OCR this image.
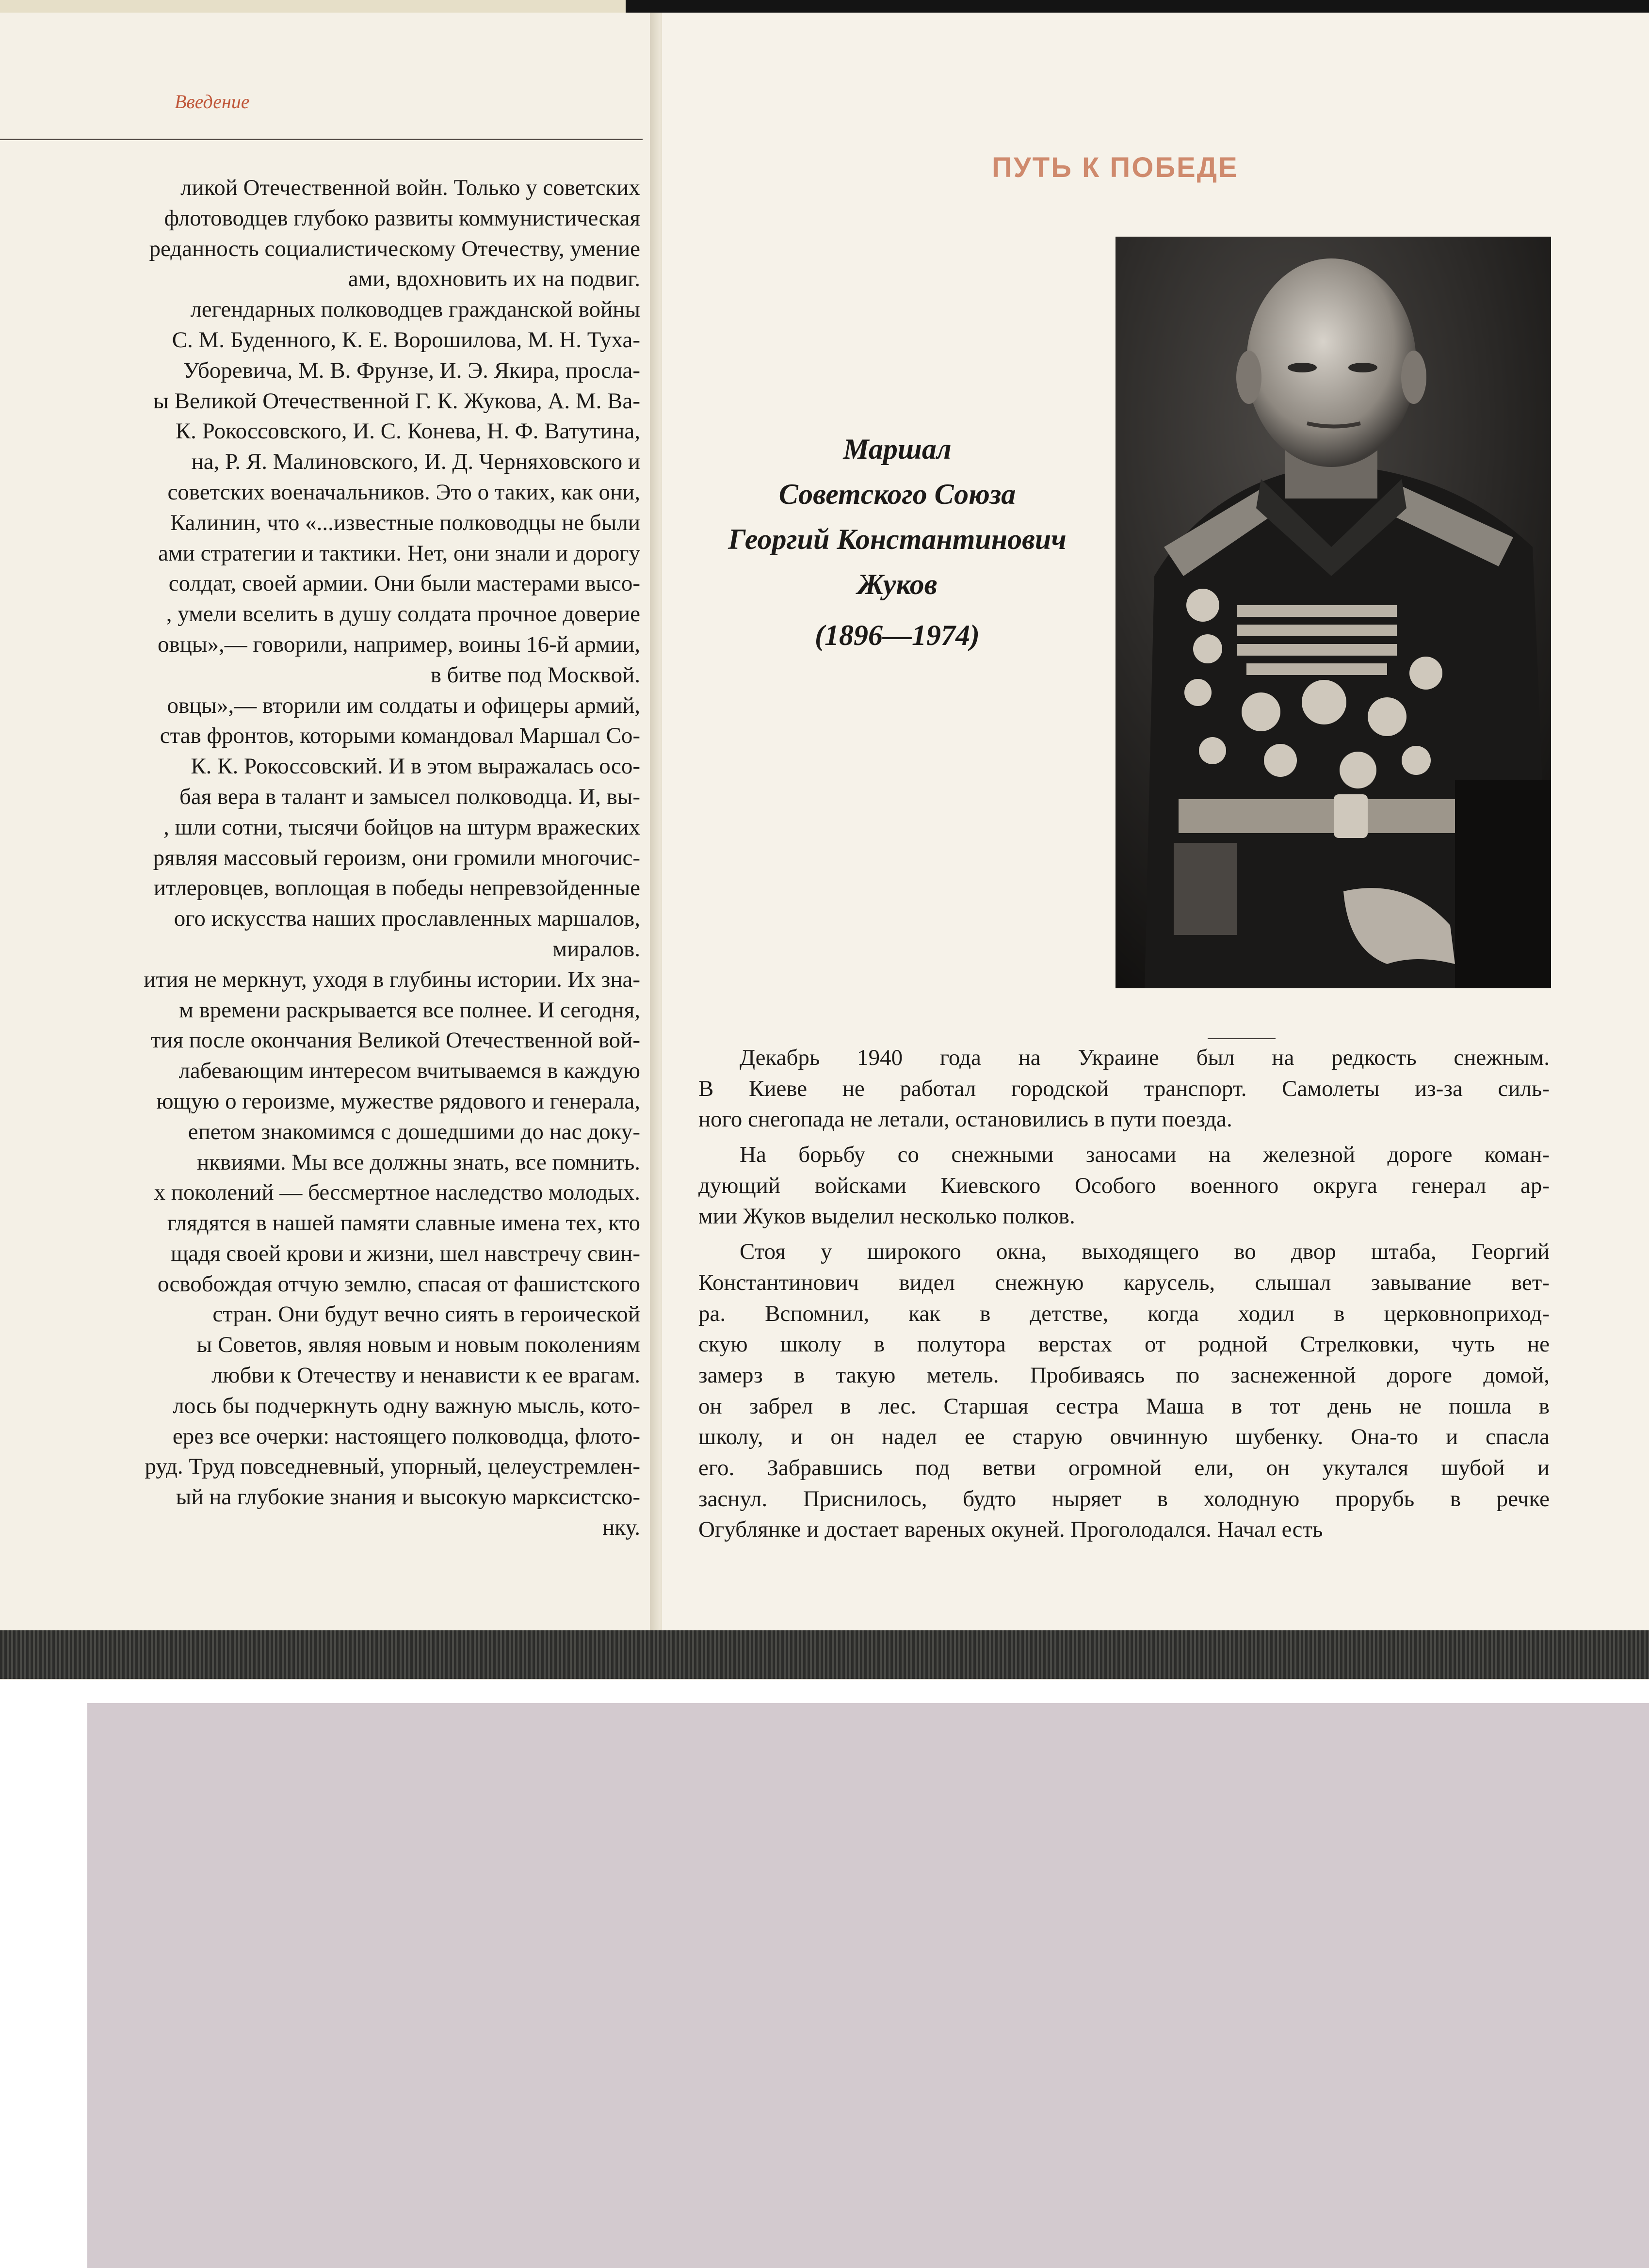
Введение
ликой Отечественной войн. Только у советских
флотоводцев глубоко развиты коммунистическая
реданность социалистическому Отечеству, умение
ами, вдохновить их на подвиг.
легендарных полководцев гражданской войны
С. М. Буденного, К. Е. Ворошилова, М. Н. Туха-
Уборевича, М. В. Фрунзе, И. Э. Якира, просла-
ы Великой Отечественной Г. К. Жукова, А. М. Ва-
К. Рокоссовского, И. С. Конева, Н. Ф. Ватутина,
на, Р. Я. Малиновского, И. Д. Черняховского и
советских военачальников. Это о таких, как они,
Калинин, что «...известные полководцы не были
ами стратегии и тактики. Нет, они знали и дорогу
солдат, своей армии. Они были мастерами высо-
, умели вселить в душу солдата прочное доверие
овцы»,— говорили, например, воины 16-й армии,
в битве под Москвой.
овцы»,— вторили им солдаты и офицеры армий,
став фронтов, которыми командовал Маршал Со-
К. К. Рокоссовский. И в этом выражалась осо-
бая вера в талант и замысел полководца. И, вы-
, шли сотни, тысячи бойцов на штурм вражеских
рявляя массовый героизм, они громили многочис-
итлеровцев, воплощая в победы непревзойденные
ого искусства наших прославленных маршалов,
миралов.
ития не меркнут, уходя в глубины истории. Их зна-
м времени раскрывается все полнее. И сегодня,
тия после окончания Великой Отечественной вой-
лабевающим интересом вчитываемся в каждую
ющую о героизме, мужестве рядового и генерала,
епетом знакомимся с дошедшими до нас доку-
нквиями. Мы все должны знать, все помнить.
х поколений — бессмертное наследство молодых.
глядятся в нашей памяти славные имена тех, кто
щадя своей крови и жизни, шел навстречу свин-
освобождая отчую землю, спасая от фашистского
стран. Они будут вечно сиять в героической
ы Советов, являя новым и новым поколениям
любви к Отечеству и ненависти к ее врагам.
лось бы подчеркнуть одну важную мысль, кото-
ерез все очерки: настоящего полководца, флото-
руд. Труд повседневный, упорный, целеустремлен-
ый на глубокие знания и высокую марксистско-
нку.
ПУТЬ К ПОБЕДЕ
Маршал
Советского Союза
Георгий Константинович
Жуков
(1896—1974)
Декабрь 1940 года на Украине был на редкость снежным.
В Киеве не работал городской транспорт. Самолеты из-за силь-
ного снегопада не летали, остановились в пути поезда.
На борьбу со снежными заносами на железной дороге коман-
дующий войсками Киевского Особого военного округа генерал ар-
мии Жуков выделил несколько полков.
Стоя у широкого окна, выходящего во двор штаба, Георгий
Константинович видел снежную карусель, слышал завывание вет-
ра. Вспомнил, как в детстве, когда ходил в церковноприход-
скую школу в полутора верстах от родной Стрелковки, чуть не
замерз в такую метель. Пробиваясь по заснеженной дороге домой,
он забрел в лес. Старшая сестра Маша в тот день не пошла в
школу, и он надел ее старую овчинную шубенку. Она-то и спасла
его. Забравшись под ветви огромной ели, он укутался шубой и
заснул. Приснилось, будто ныряет в холодную прорубь в речке
Огублянке и достает вареных окуней. Проголодался. Начал есть
